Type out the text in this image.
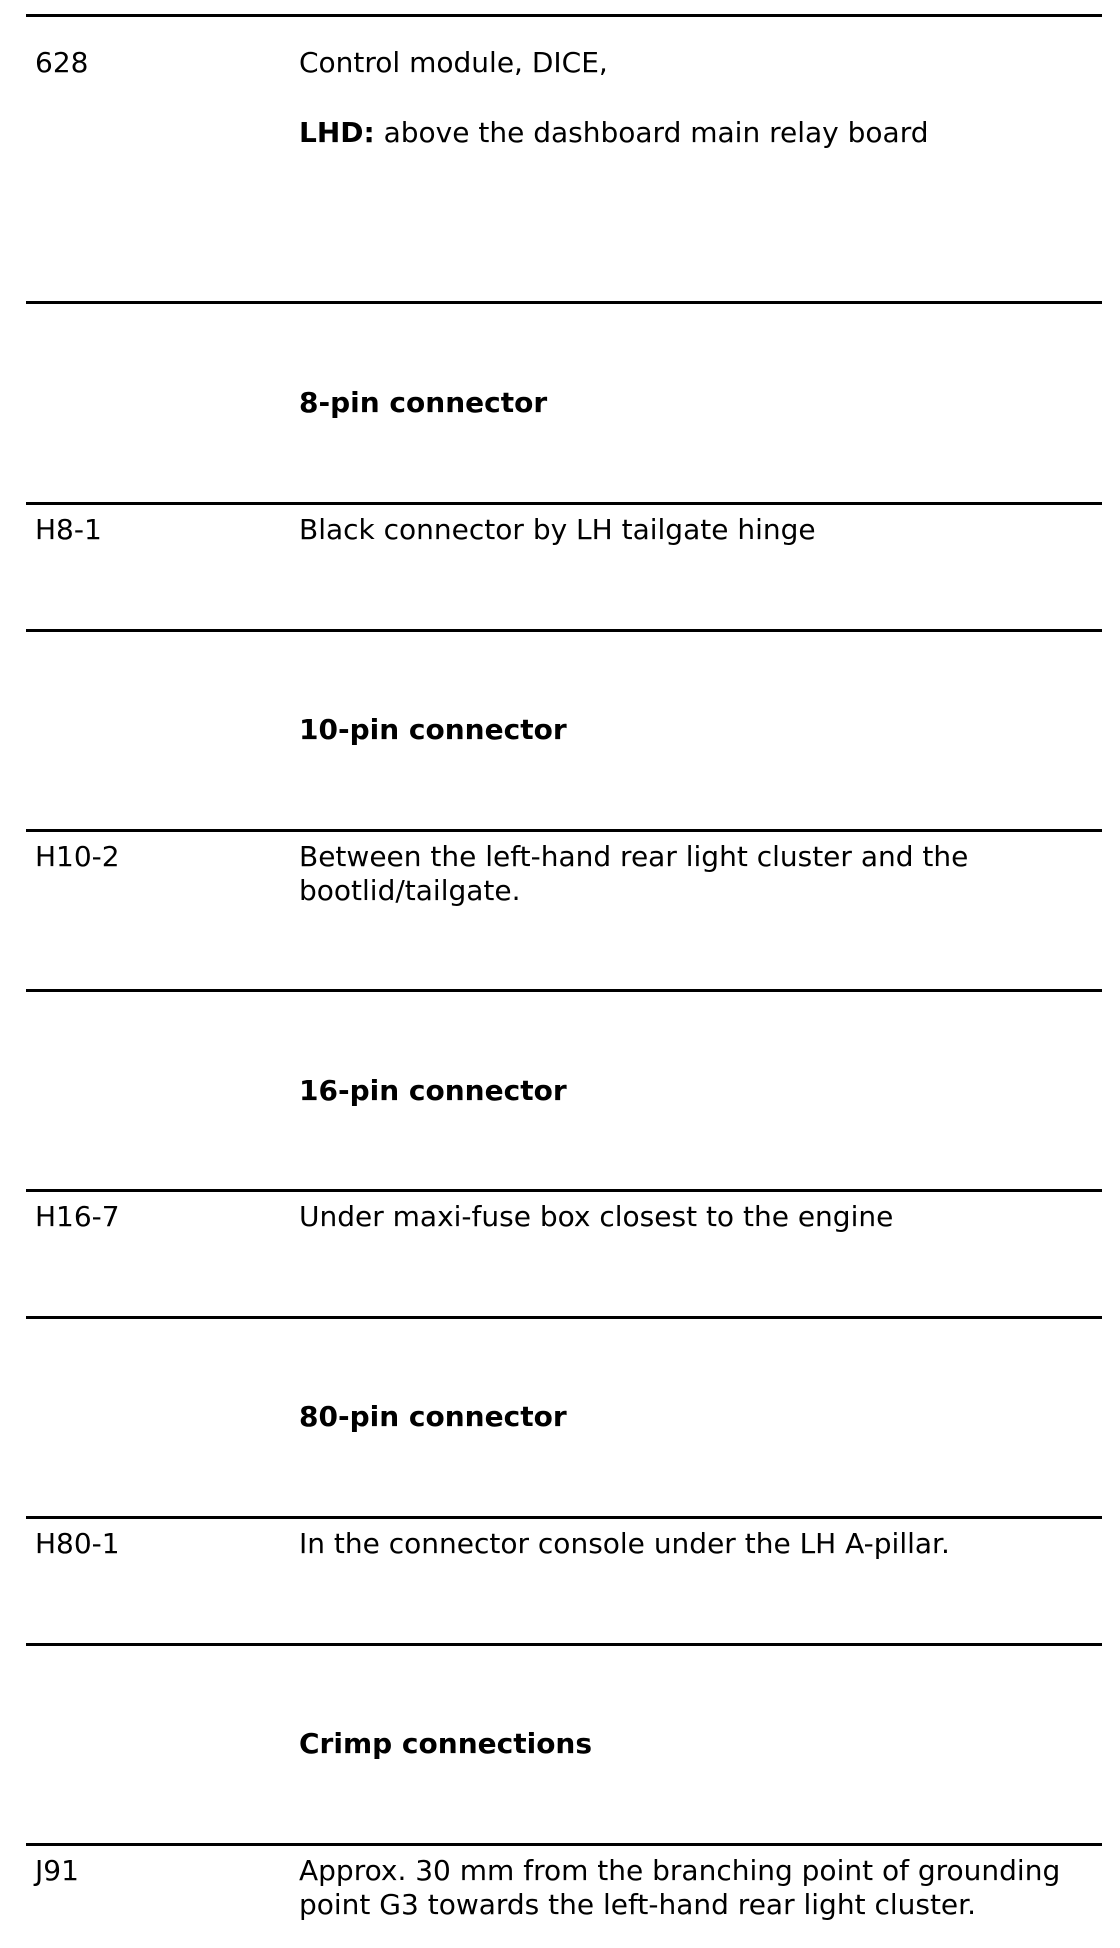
628	Control module, DICE,
LHD: above the dashboard main relay board
8-pin connector
H8-1	Black connector by LH tailgate hinge
10-pin connector
H10-2	Between the left-hand rear light cluster and the
bootlid/tailgate.
16-pin connector
H16-7	Under maxi-fuse box closest to the engine
80-pin connector
H80-1	In the connector console under the LH A-pillar.
Crimp connections
J91	Approx. 30 mm from the branching point of grounding
point G3 towards the left-hand rear light cluster.
